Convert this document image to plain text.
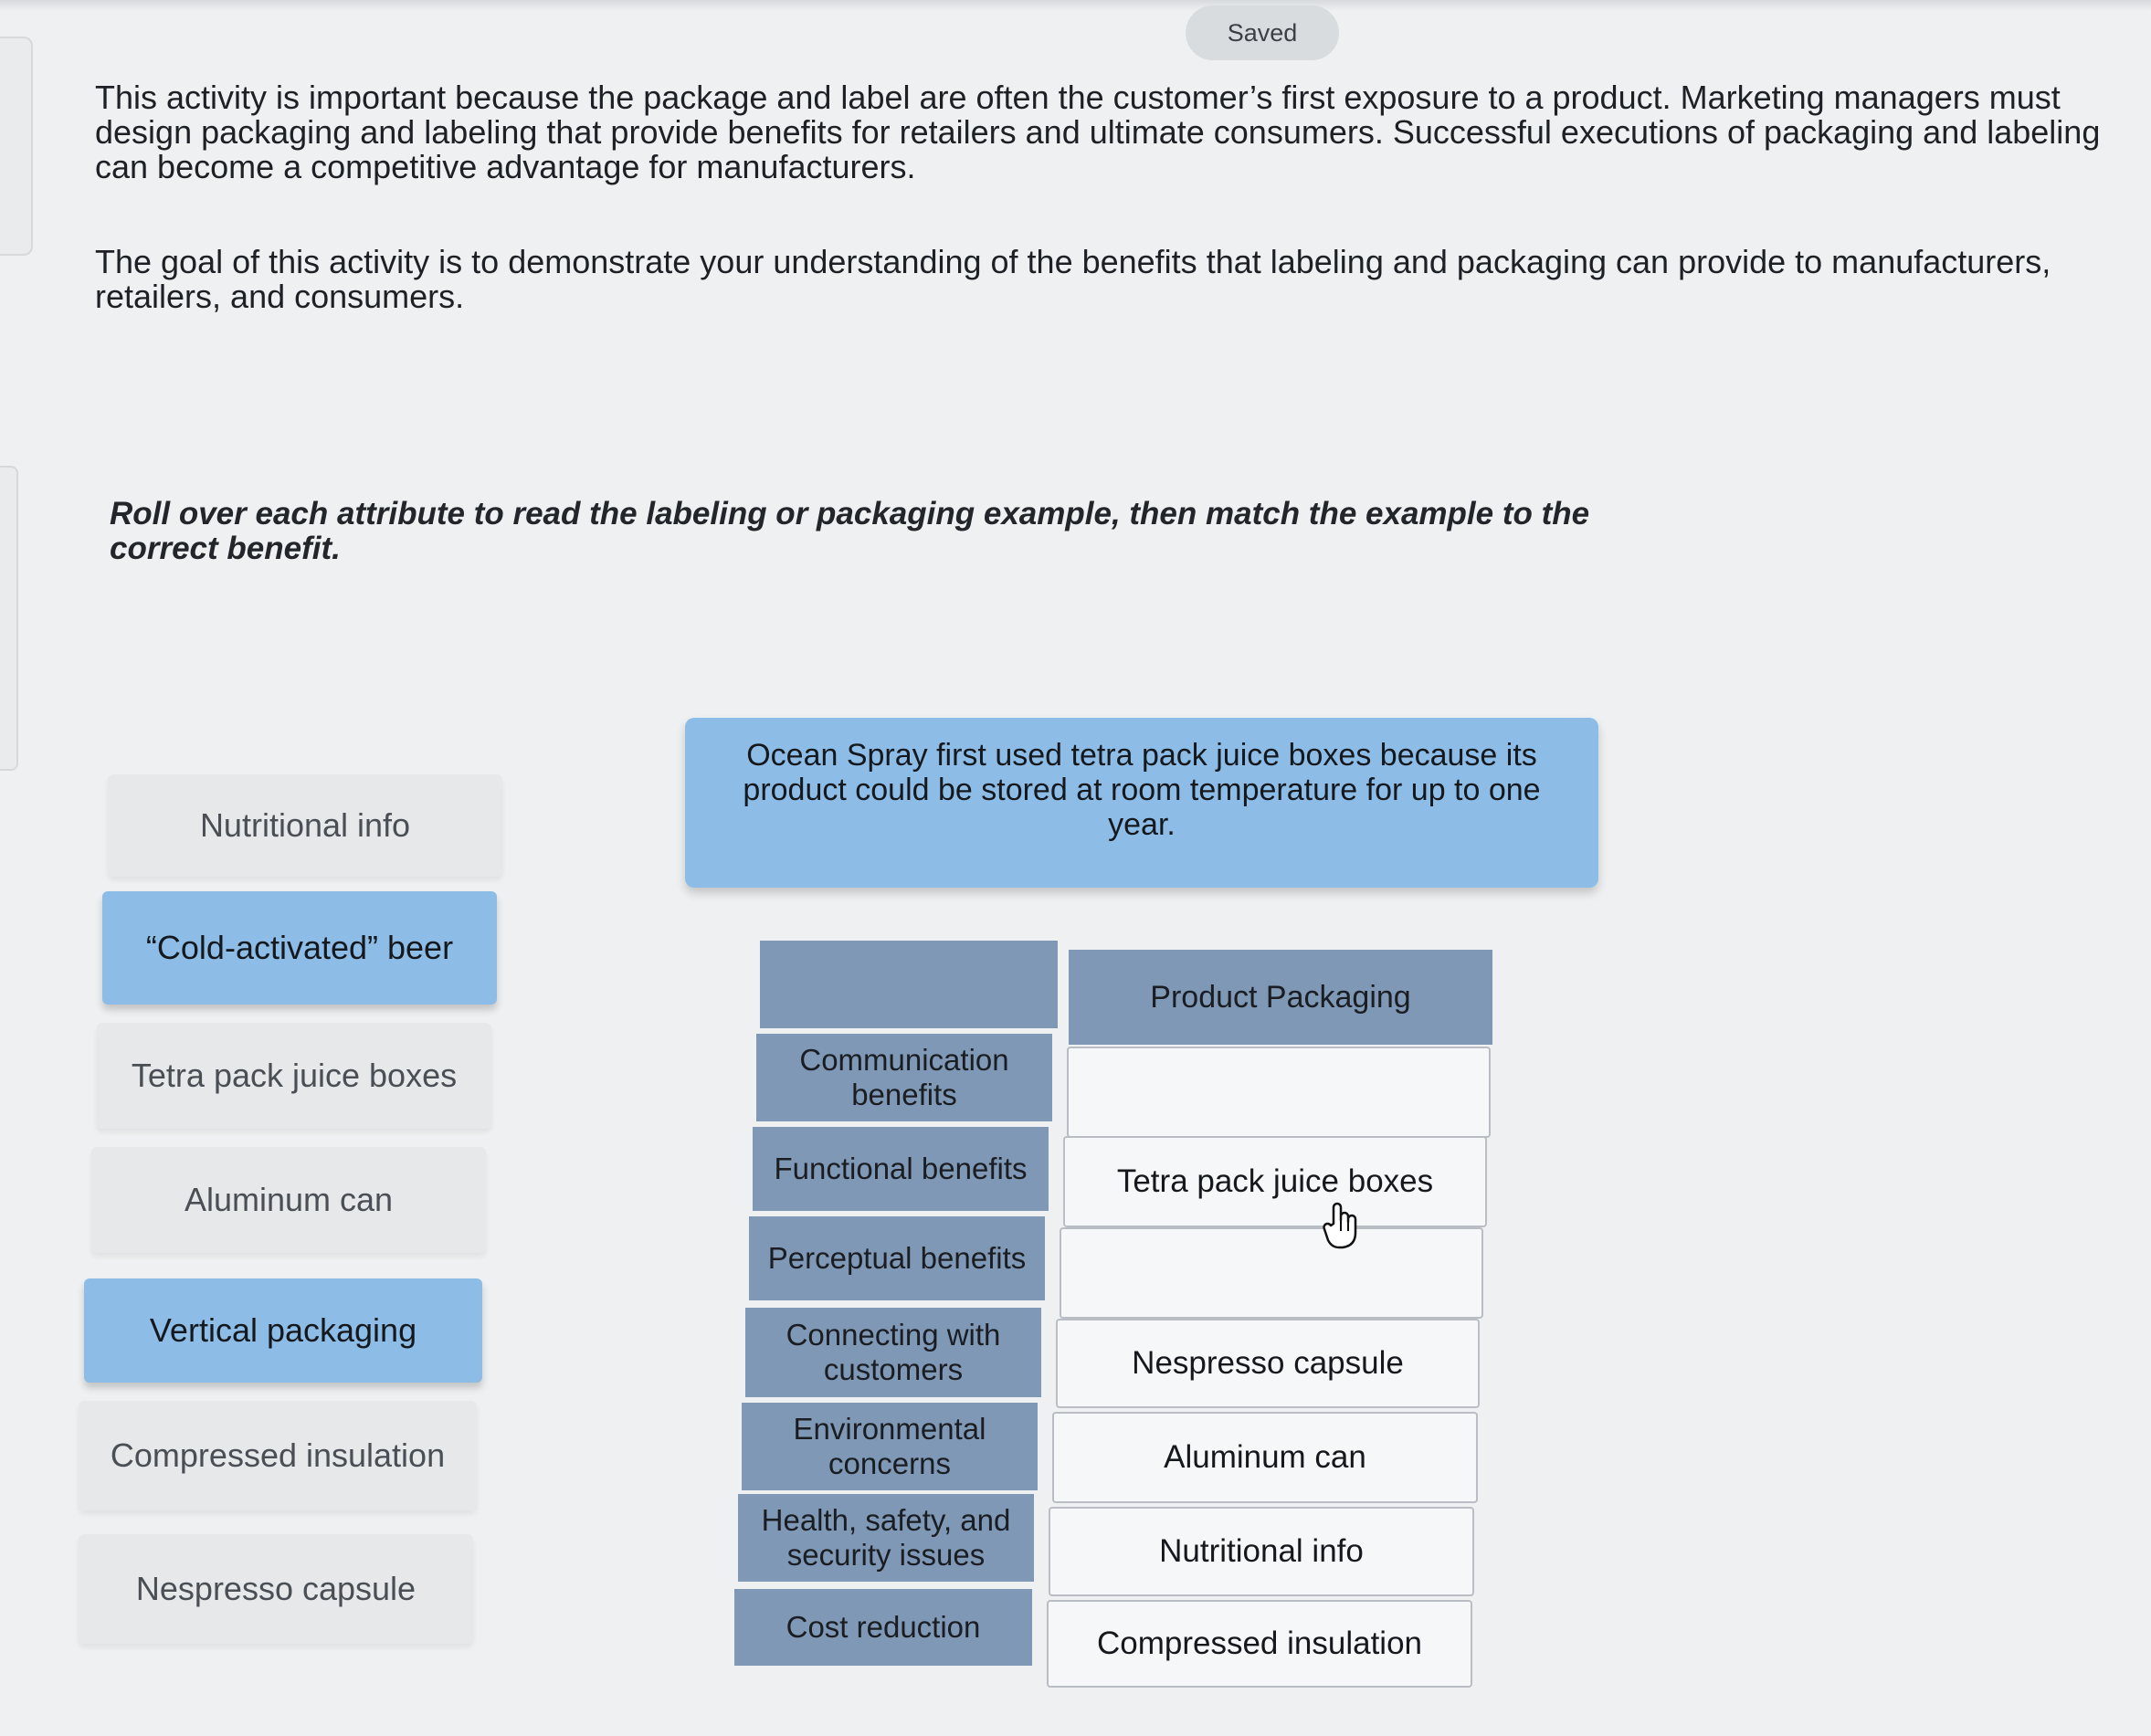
Saved

This activity is important because the package and label are often the customer’s first exposure to a product. Marketing managers must design packaging and labeling that provide benefits for retailers and ultimate consumers. Successful executions of packaging and labeling can become a competitive advantage for manufacturers.

The goal of this activity is to demonstrate your understanding of the benefits that labeling and packaging can provide to manufacturers, retailers, and consumers.

Roll over each attribute to read the labeling or packaging example, then match the example to the correct benefit.
Nutritional info
“Cold-activated” beer
Tetra pack juice boxes
Aluminum can
Vertical packaging
Compressed insulation
Nespresso capsule
Ocean Spray first used tetra pack juice boxes because its product could be stored at room temperature for up to one year.
Product Packaging
Communication benefits
Functional benefits
Perceptual benefits
Connecting with customers
Environmental concerns
Health, safety, and security issues
Cost reduction
Tetra pack juice boxes
Nespresso capsule
Aluminum can
Nutritional info
Compressed insulation
